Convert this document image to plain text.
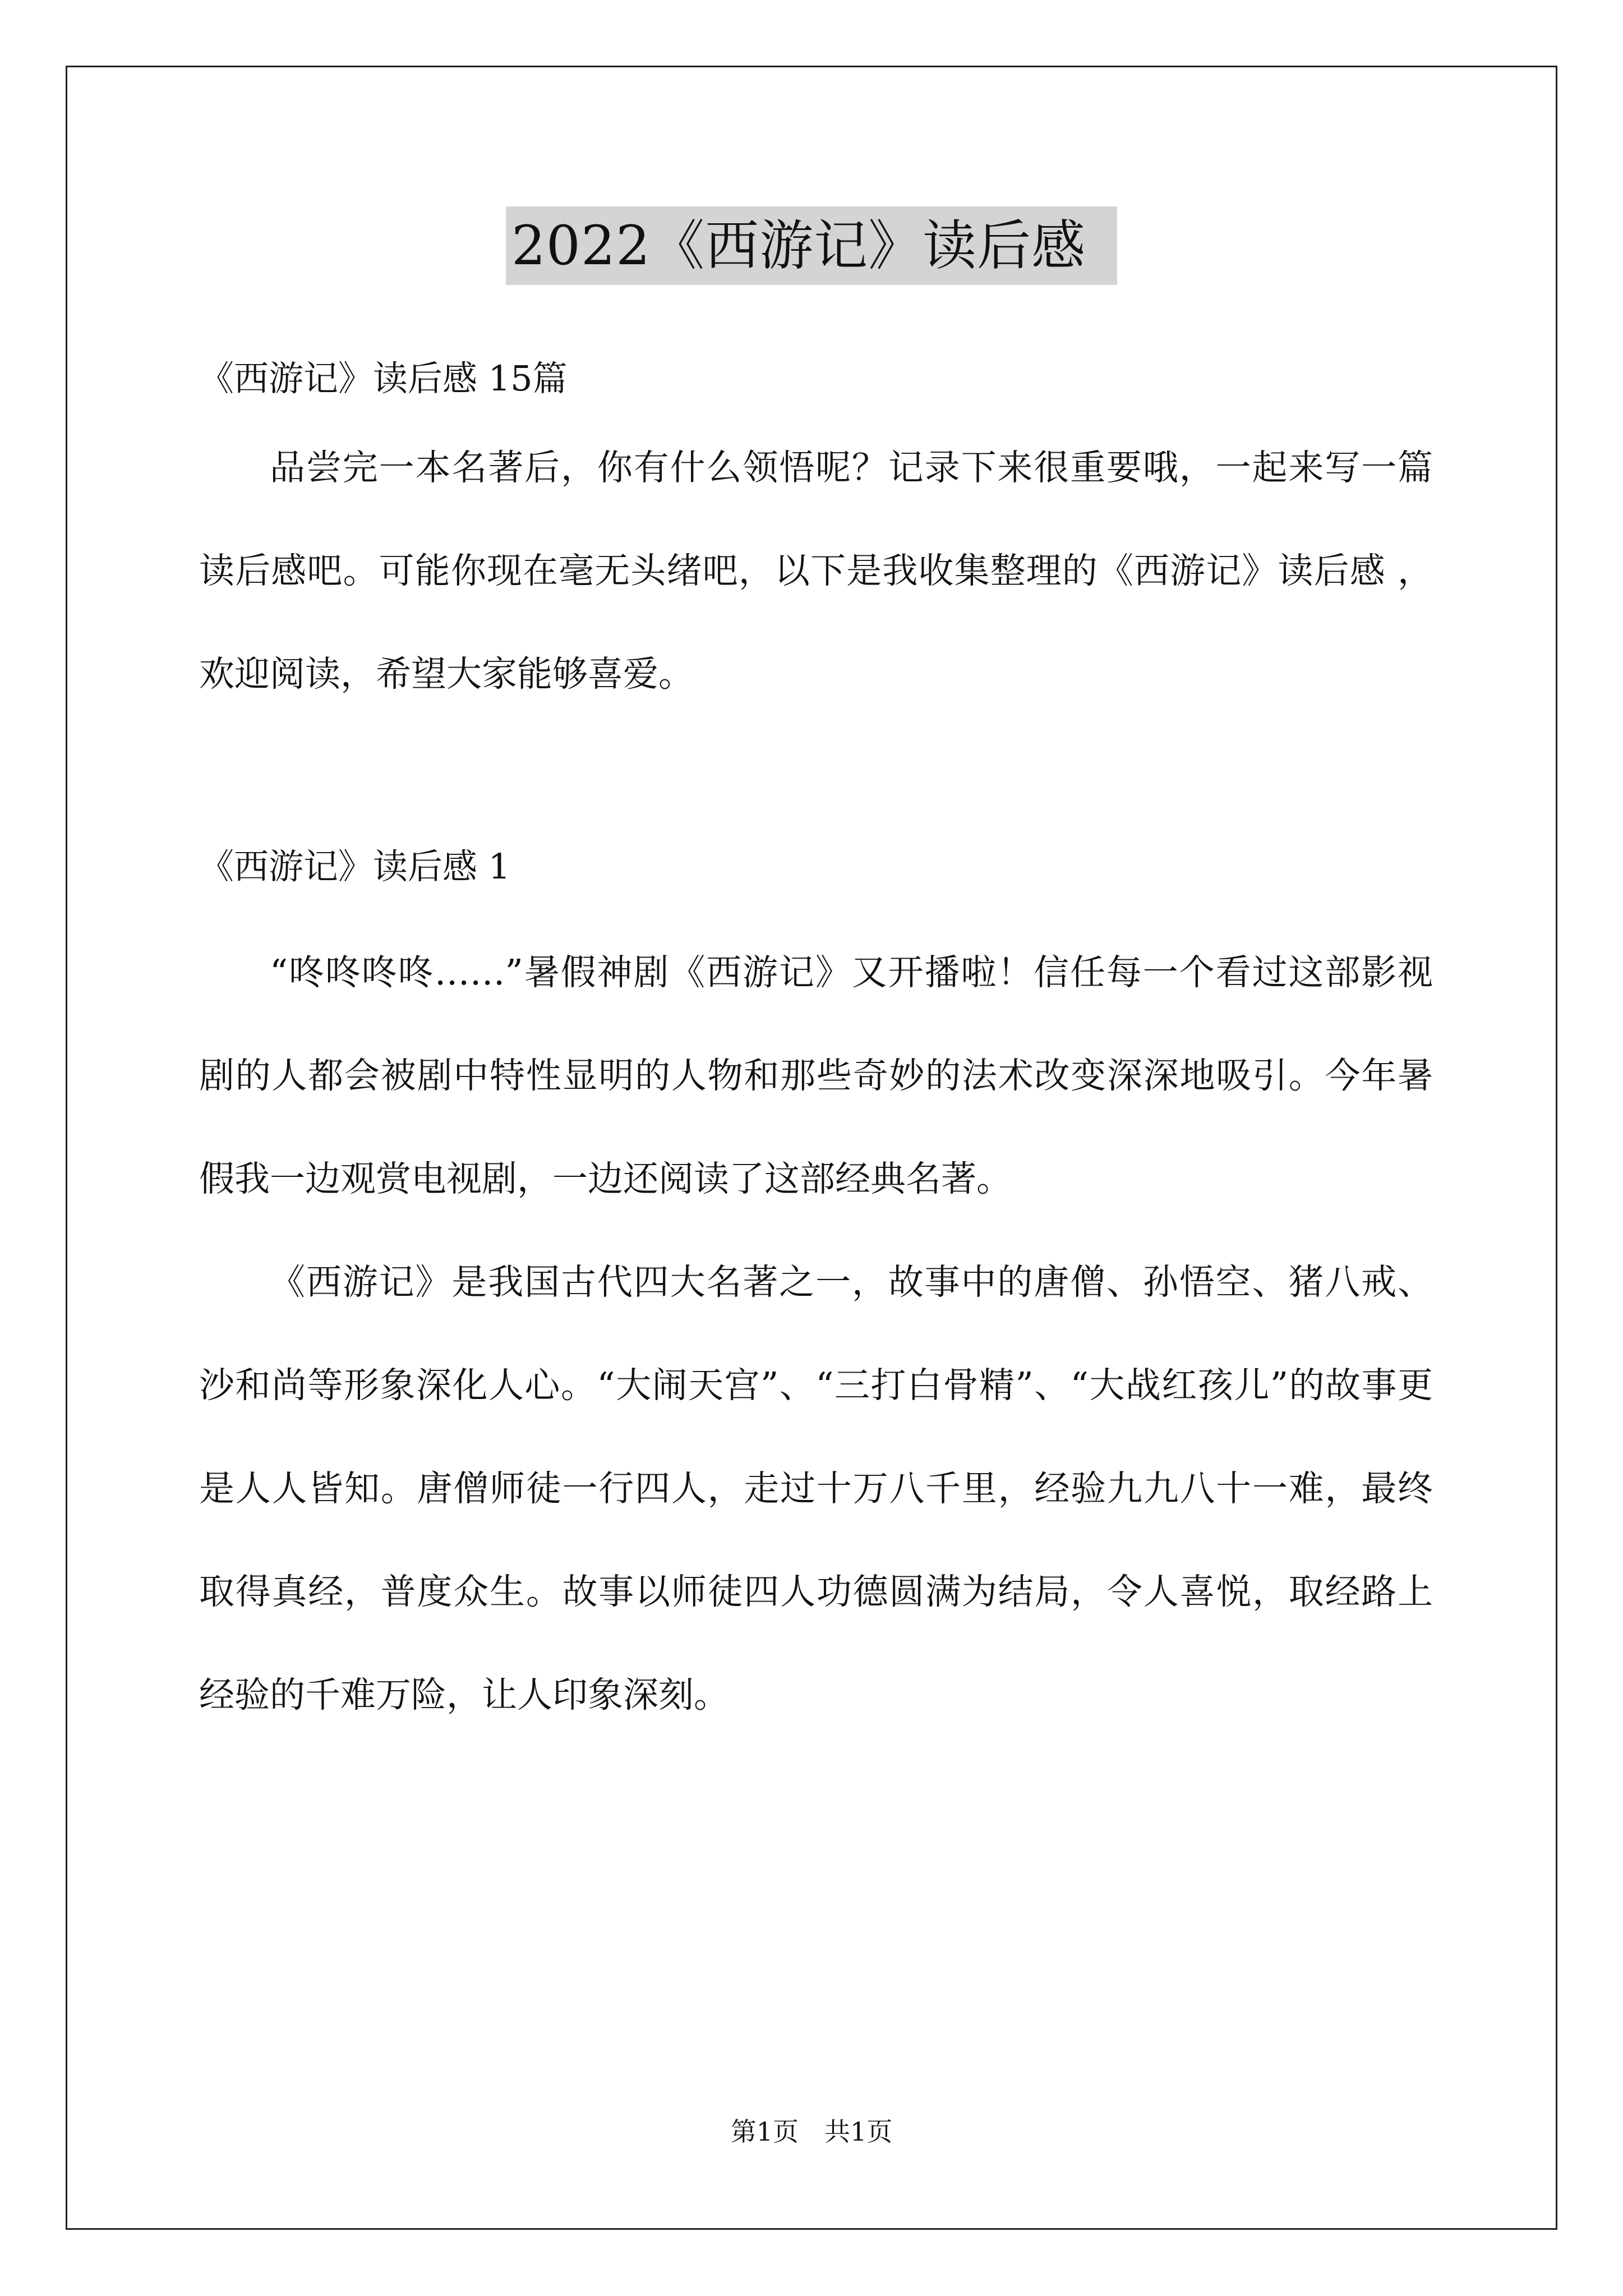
2022《西游记》读后感

《西游记》读后感 15篇

品尝完一本名著后，你有什么领悟呢？记录下来很重要哦，一起来写一篇读后感吧。可能你现在毫无头绪吧，以下是我收集整理的《西游记》读后感 ，欢迎阅读，希望大家能够喜爱。

《西游记》读后感 1

“咚咚咚咚……”暑假神剧《西游记》又开播啦！信任每一个看过这部影视剧的人都会被剧中特性显明的人物和那些奇妙的法术改变深深地吸引。今年暑假我一边观赏电视剧，一边还阅读了这部经典名著。

《西游记》是我国古代四大名著之一，故事中的唐僧、孙悟空、猪八戒、沙和尚等形象深化人心。“大闹天宫”、“三打白骨精”、“大战红孩儿”的故事更是人人皆知。唐僧师徒一行四人，走过十万八千里，经验九九八十一难，最终取得真经，普度众生。故事以师徒四人功德圆满为结局，令人喜悦，取经路上经验的千难万险，让人印象深刻。

第1页　共1页
